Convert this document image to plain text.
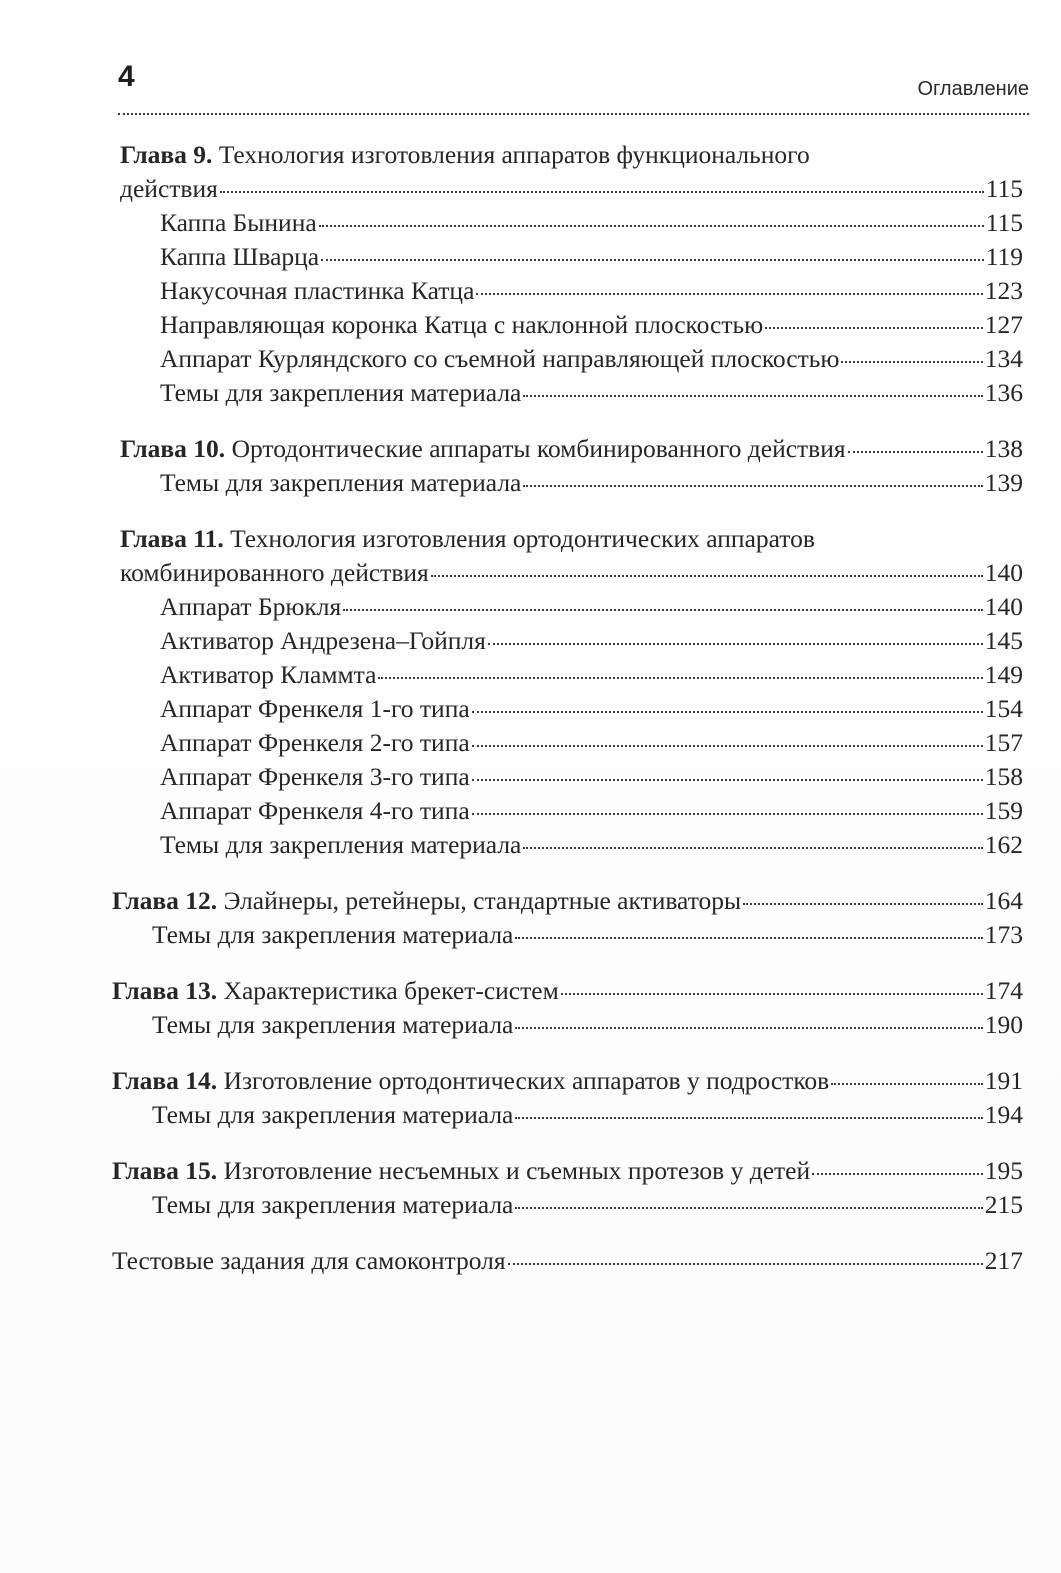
4	Оглавление
Глава 9. Технология изготовления аппаратов функционального
действия	115
Каппа Бынина	115
Каппа Шварца	119
Накусочная пластинка Катца	123
Направляющая коронка Катца с наклонной плоскостью	127
Аппарат Курляндского со съемной направляющей плоскостью	134
Темы для закрепления материала	136
Глава 10. Ортодонтические аппараты комбинированного действия	138
Темы для закрепления материала	139
Глава 11. Технология изготовления ортодонтических аппаратов
комбинированного действия	140
Аппарат Брюкля	140
Активатор Андрезена–Гойпля	145
Активатор Кламмта	149
Аппарат Френкеля 1-го типа	154
Аппарат Френкеля 2-го типа	157
Аппарат Френкеля 3-го типа	158
Аппарат Френкеля 4-го типа	159
Темы для закрепления материала	162
Глава 12. Элайнеры, ретейнеры, стандартные активаторы	164
Темы для закрепления материала	173
Глава 13. Характеристика брекет-систем	174
Темы для закрепления материала	190
Глава 14. Изготовление ортодонтических аппаратов у подростков	191
Темы для закрепления материала	194
Глава 15. Изготовление несъемных и съемных протезов у детей	195
Темы для закрепления материала	215
Тестовые задания для самоконтроля	217
